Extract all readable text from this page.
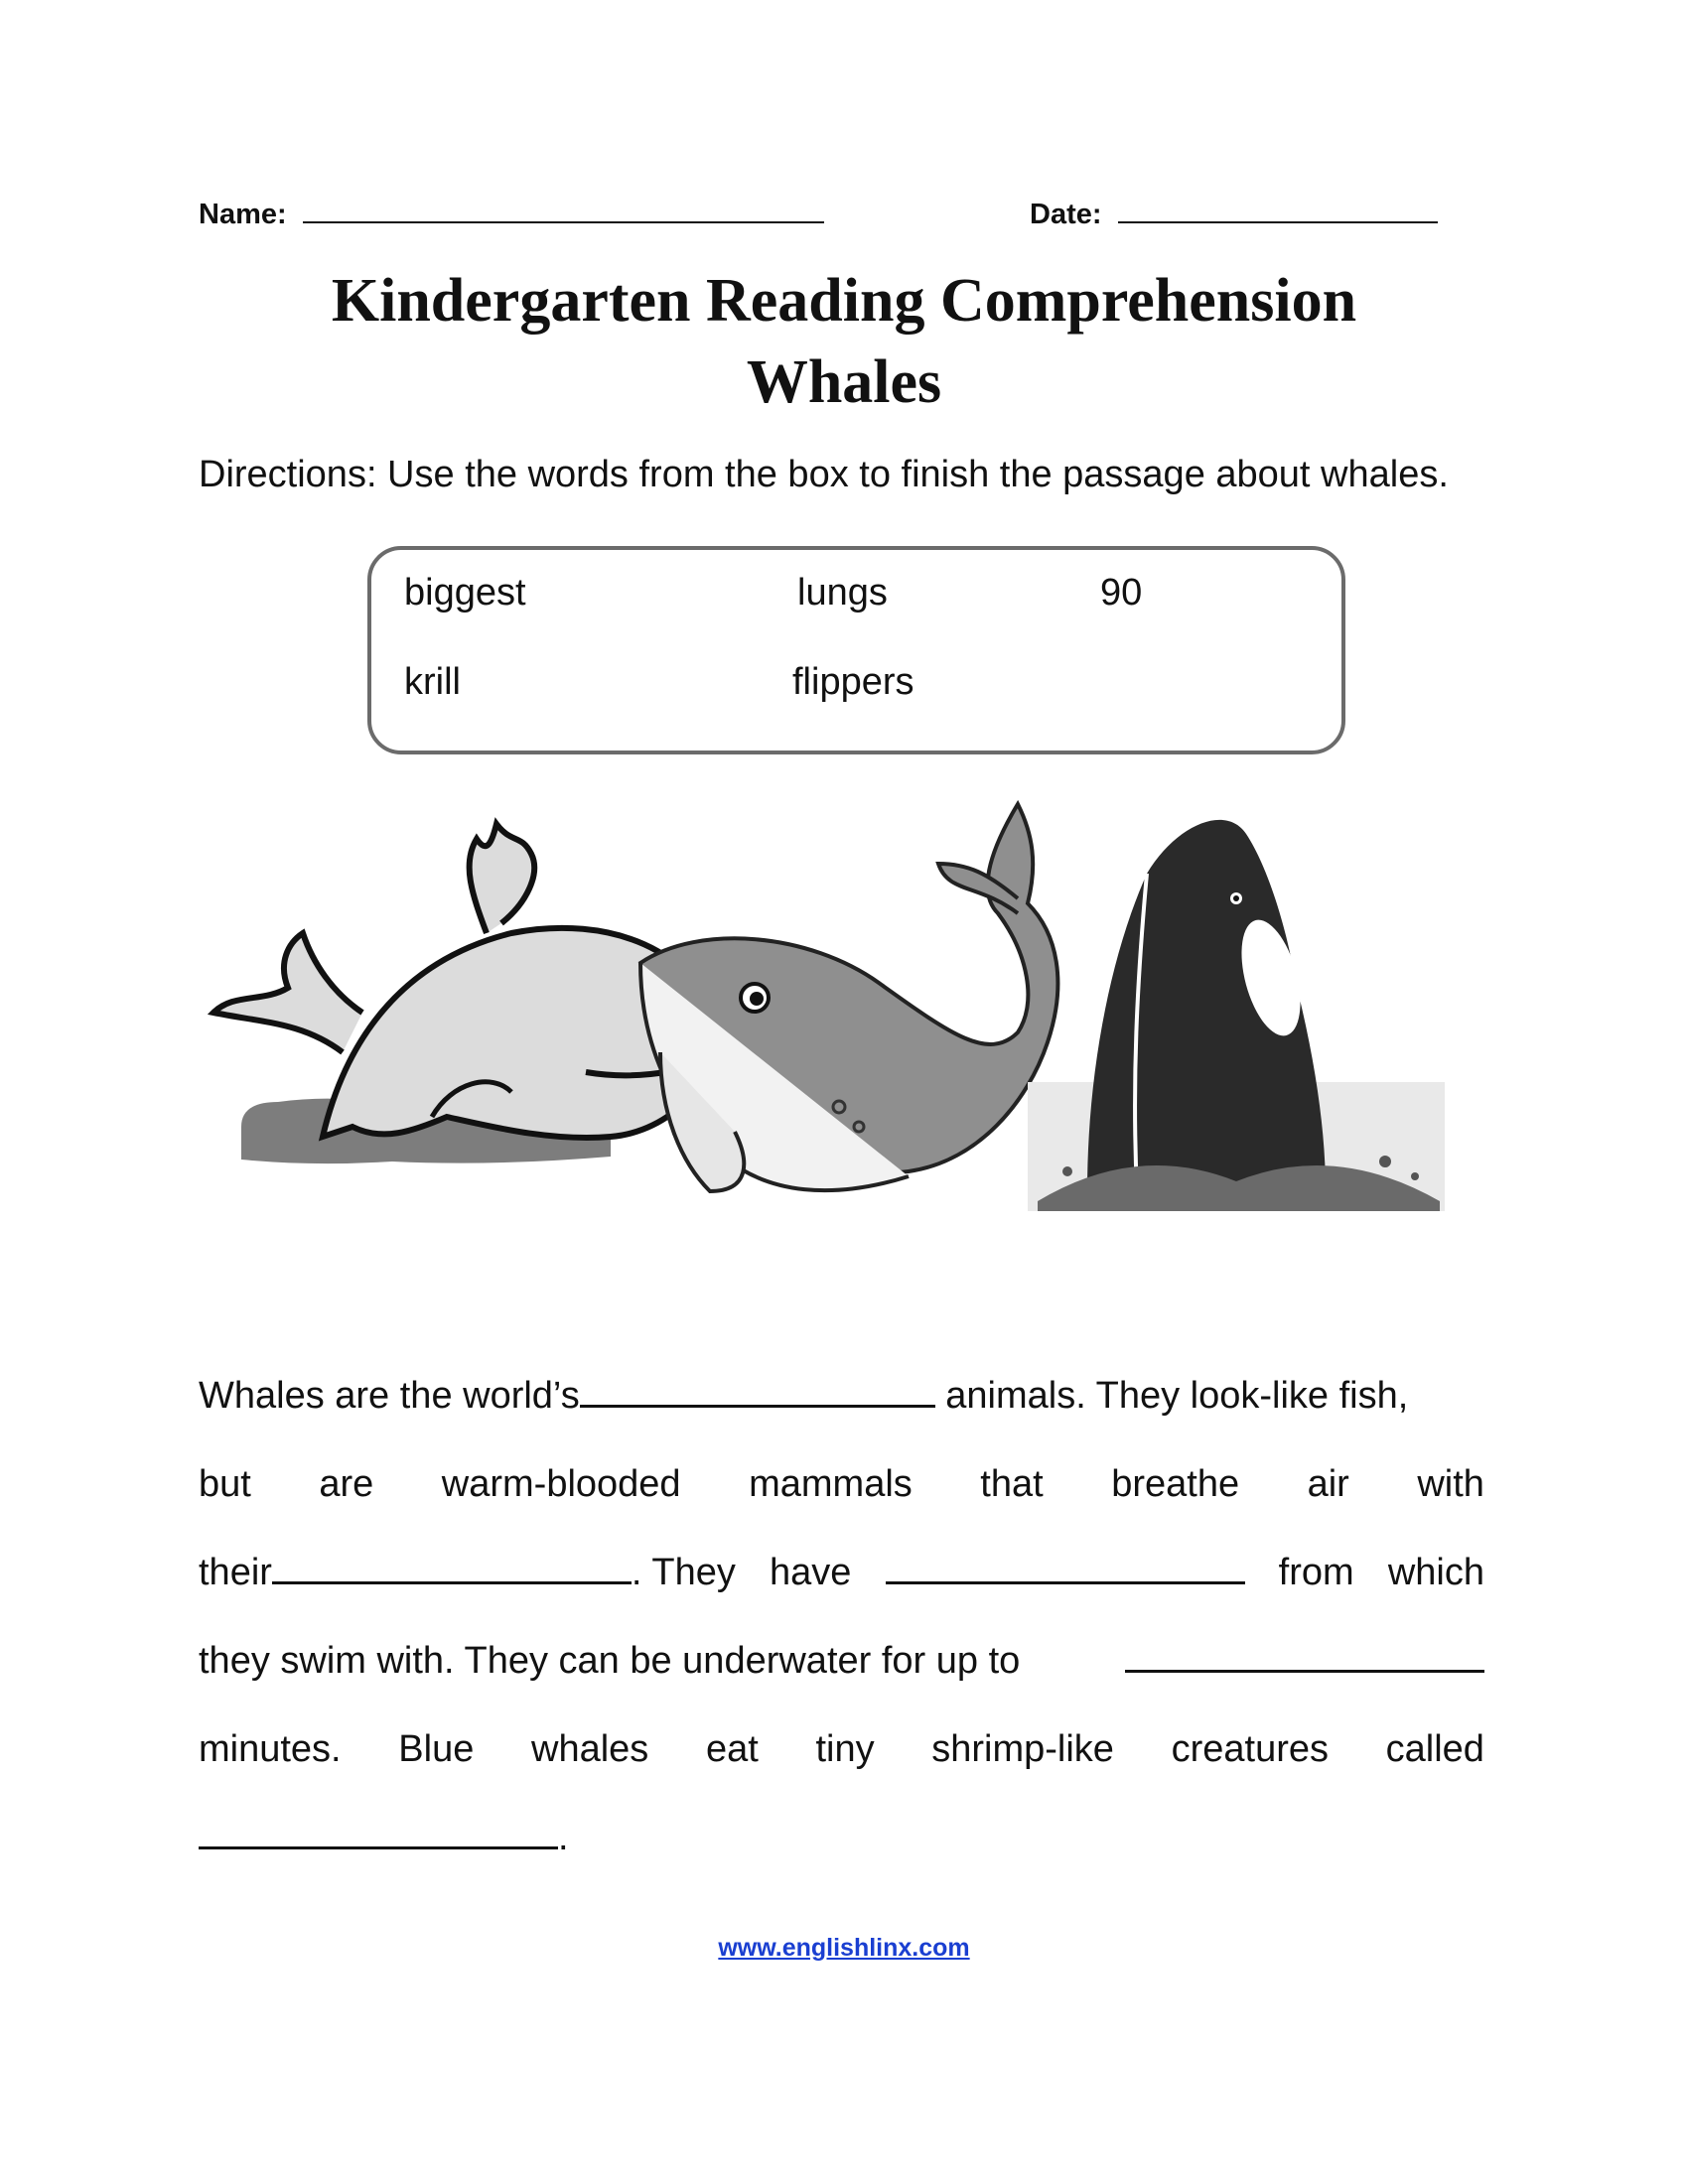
Name:	Date:
Kindergarten Reading Comprehension
Whales
Directions: Use the words from the box to finish the passage about whales.
biggest	lungs	90
krill	flippers
Whales are the world’s	animals. They look-like fish,
but are warm-blooded mammals that breathe air with
their	. They have	from which
they swim with. They can be underwater for up to
minutes. Blue whales eat tiny shrimp-like creatures called
.
www.englishlinx.com
